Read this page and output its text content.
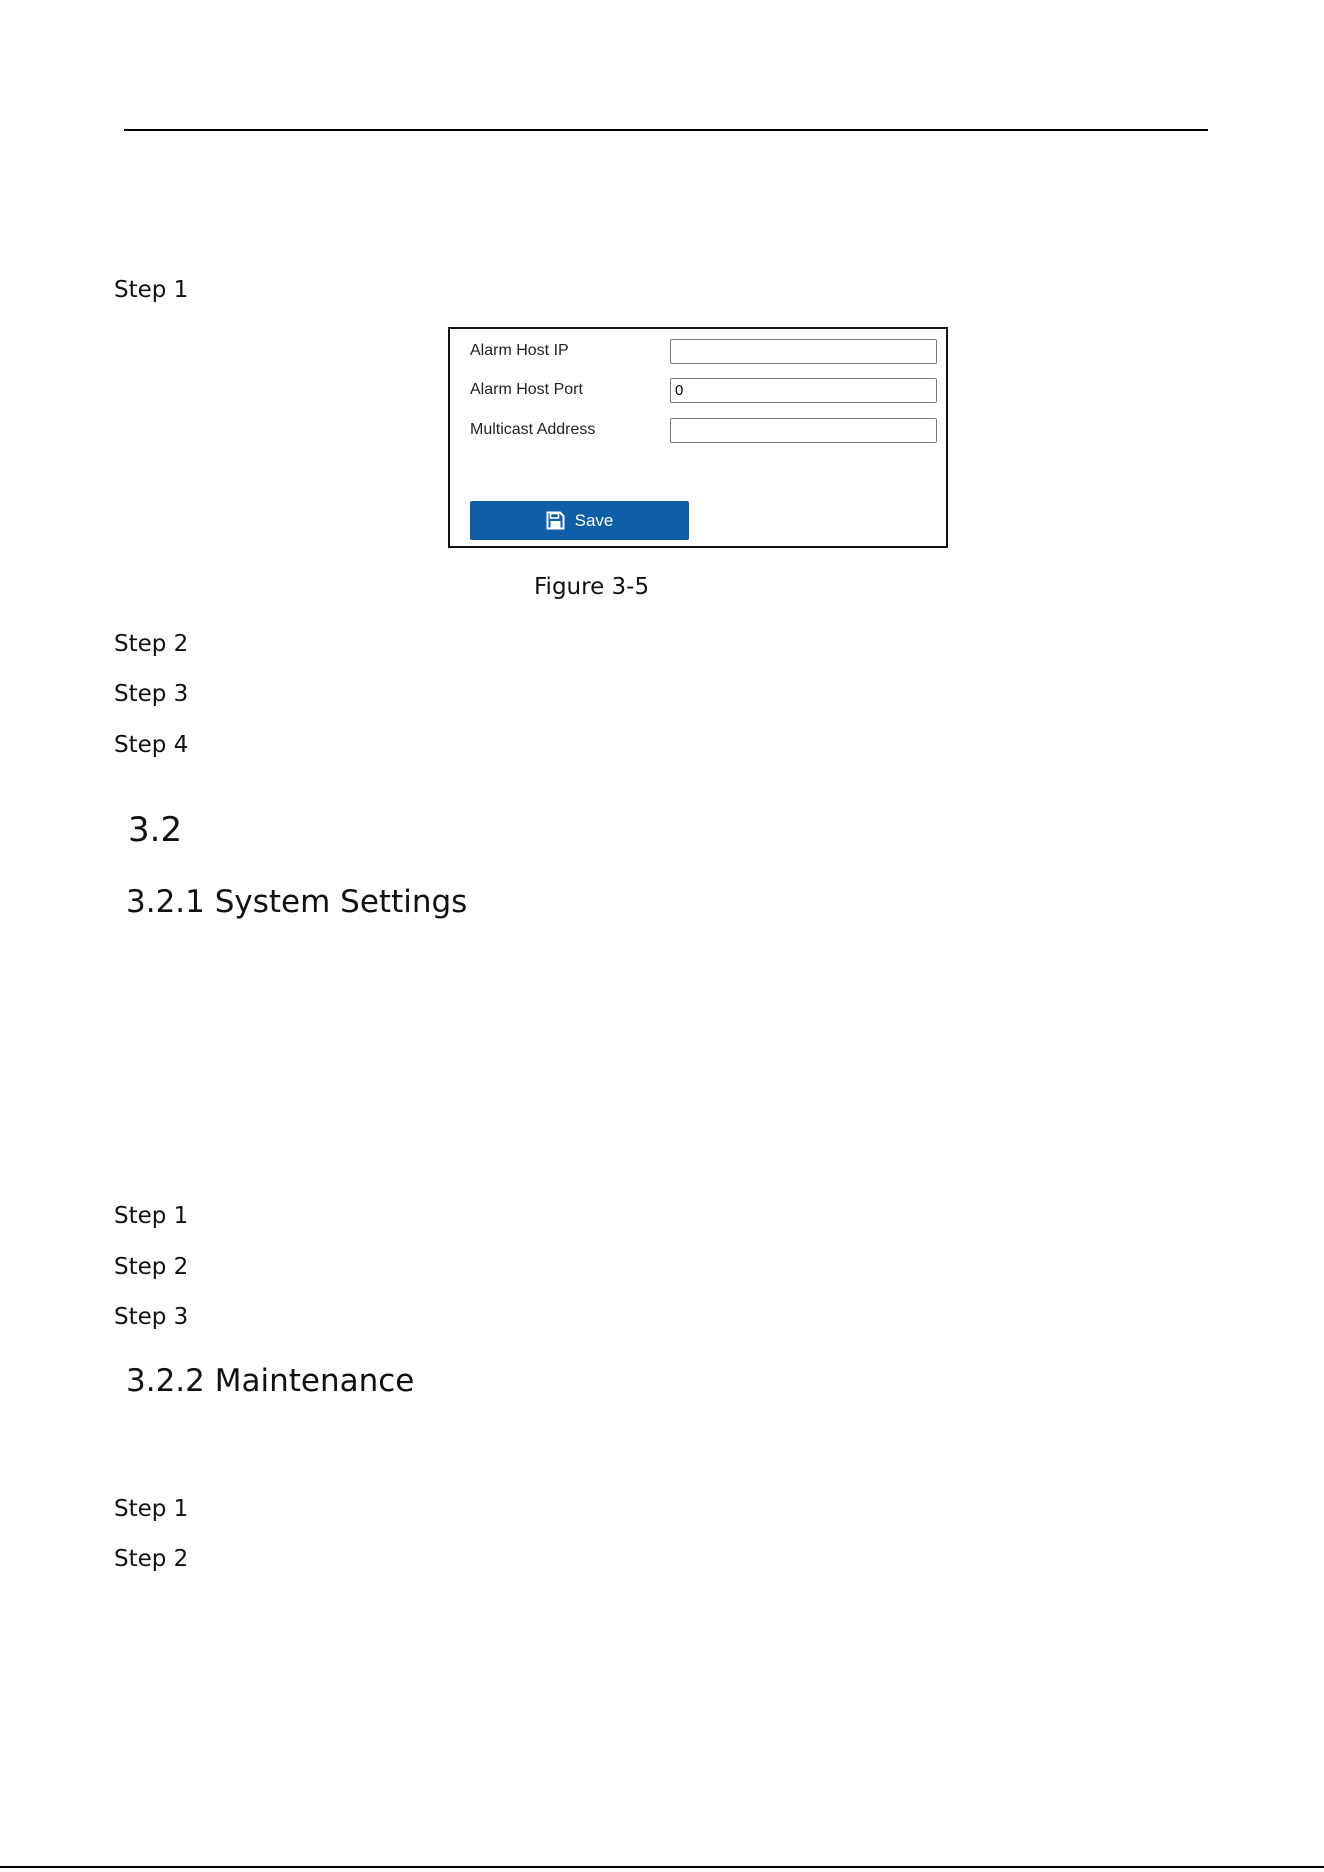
Step 1
Alarm Host IP
Alarm Host Port	0
Multicast Address
Save
Figure 3-5
Step 2
Step 3
Step 4
3.2
3.2.1 System Settings
Step 1
Step 2
Step 3
3.2.2 Maintenance
Step 1
Step 2
